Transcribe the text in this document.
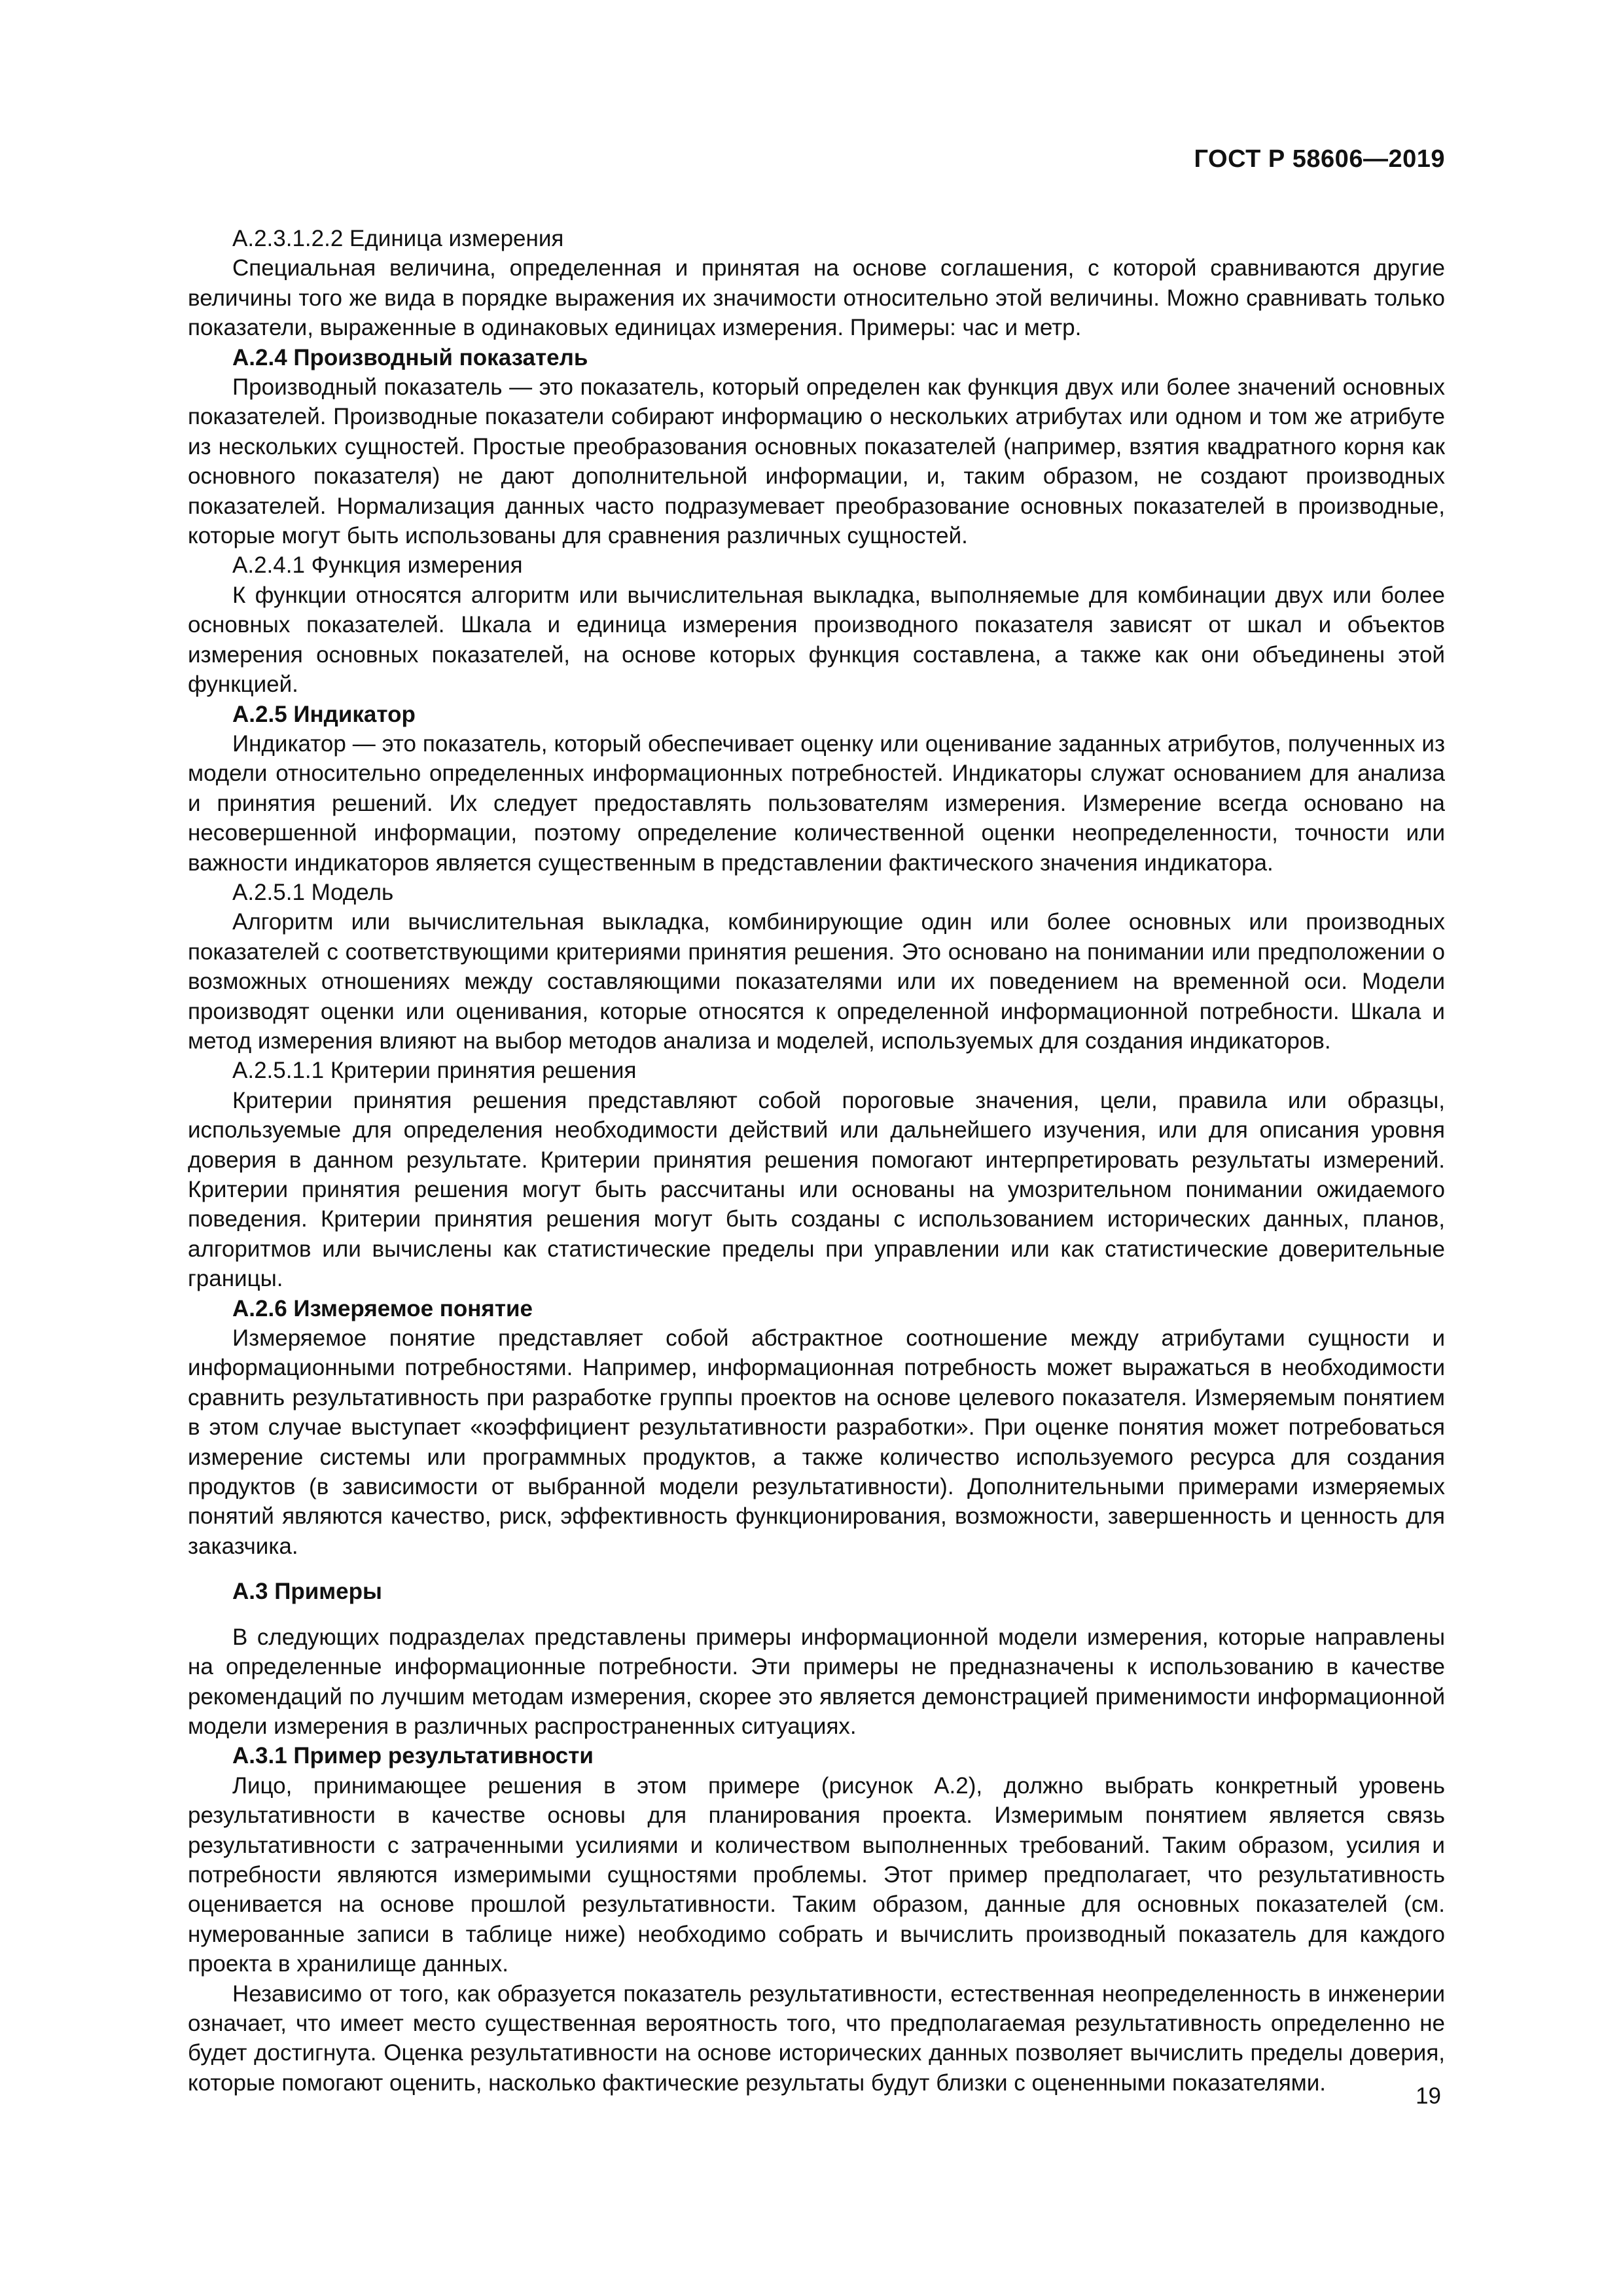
ГОСТ Р 58606—2019

А.2.3.1.2.2 Единица измерения

Специальная величина, определенная и принятая на основе соглашения, с которой сравниваются другие величины того же вида в порядке выражения их значимости относительно этой величины. Можно сравнивать только показатели, выраженные в одинаковых единицах измерения. Примеры: час и метр.

А.2.4 Производный показатель

Производный показатель — это показатель, который определен как функция двух или более значений основных показателей. Производные показатели собирают информацию о нескольких атрибутах или одном и том же атрибуте из нескольких сущностей. Простые преобразования основных показателей (например, взятия квадратного корня как основного показателя) не дают дополнительной информации, и, таким образом, не создают производных показателей. Нормализация данных часто подразумевает преобразование основных показателей в производные, которые могут быть использованы для сравнения различных сущностей.

А.2.4.1 Функция измерения

К функции относятся алгоритм или вычислительная выкладка, выполняемые для комбинации двух или более основных показателей. Шкала и единица измерения производного показателя зависят от шкал и объектов измерения основных показателей, на основе которых функция составлена, а также как они объединены этой функцией.

А.2.5 Индикатор

Индикатор — это показатель, который обеспечивает оценку или оценивание заданных атрибутов, полученных из модели относительно определенных информационных потребностей. Индикаторы служат основанием для анализа и принятия решений. Их следует предоставлять пользователям измерения. Измерение всегда основано на несовершенной информации, поэтому определение количественной оценки неопределенности, точности или важности индикаторов является существенным в представлении фактического значения индикатора.

А.2.5.1 Модель

Алгоритм или вычислительная выкладка, комбинирующие один или более основных или производных показателей с соответствующими критериями принятия решения. Это основано на понимании или предположении о возможных отношениях между составляющими показателями или их поведением на временной оси. Модели производят оценки или оценивания, которые относятся к определенной информационной потребности. Шкала и метод измерения влияют на выбор методов анализа и моделей, используемых для создания индикаторов.

А.2.5.1.1 Критерии принятия решения

Критерии принятия решения представляют собой пороговые значения, цели, правила или образцы, используемые для определения необходимости действий или дальнейшего изучения, или для описания уровня доверия в данном результате. Критерии принятия решения помогают интерпретировать результаты измерений. Критерии принятия решения могут быть рассчитаны или основаны на умозрительном понимании ожидаемого поведения. Критерии принятия решения могут быть созданы с использованием исторических данных, планов, алгоритмов или вычислены как статистические пределы при управлении или как статистические доверительные границы.

А.2.6 Измеряемое понятие

Измеряемое понятие представляет собой абстрактное соотношение между атрибутами сущности и информационными потребностями. Например, информационная потребность может выражаться в необходимости сравнить результативность при разработке группы проектов на основе целевого показателя. Измеряемым понятием в этом случае выступает «коэффициент результативности разработки». При оценке понятия может потребоваться измерение системы или программных продуктов, а также количество используемого ресурса для создания продуктов (в зависимости от выбранной модели результативности). Дополнительными примерами измеряемых понятий являются качество, риск, эффективность функционирования, возможности, завершенность и ценность для заказчика.

А.3 Примеры

В следующих подразделах представлены примеры информационной модели измерения, которые направлены на определенные информационные потребности. Эти примеры не предназначены к использованию в качестве рекомендаций по лучшим методам измерения, скорее это является демонстрацией применимости информационной модели измерения в различных распространенных ситуациях.

А.3.1 Пример результативности

Лицо, принимающее решения в этом примере (рисунок А.2), должно выбрать конкретный уровень результативности в качестве основы для планирования проекта. Измеримым понятием является связь результативности с затраченными усилиями и количеством выполненных требований. Таким образом, усилия и потребности являются измеримыми сущностями проблемы. Этот пример предполагает, что результативность оценивается на основе прошлой результативности. Таким образом, данные для основных показателей (см. нумерованные записи в таблице ниже) необходимо собрать и вычислить производный показатель для каждого проекта в хранилище данных.

Независимо от того, как образуется показатель результативности, естественная неопределенность в инженерии означает, что имеет место существенная вероятность того, что предполагаемая результативность определенно не будет достигнута. Оценка результативности на основе исторических данных позволяет вычислить пределы доверия, которые помогают оценить, насколько фактические результаты будут близки с оцененными показателями.

19
